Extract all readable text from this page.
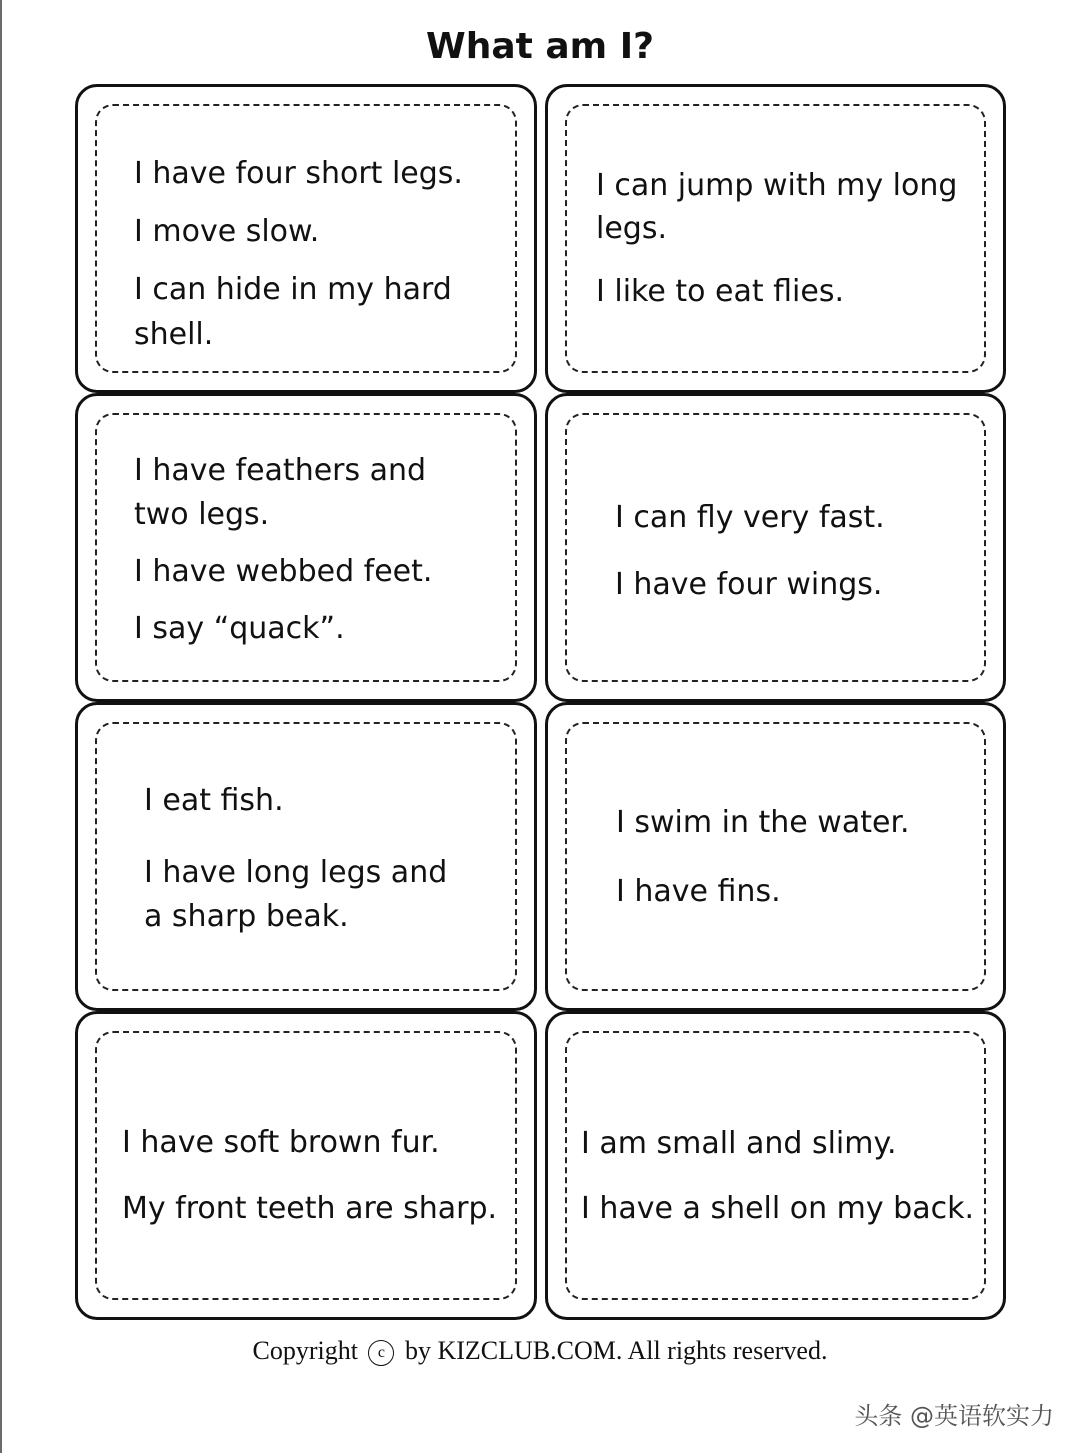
What am I?
I have four short legs.
I move slow.
I can hide in my hard
shell.
I can jump with my long
legs.
I like to eat flies.
I have feathers and
two legs.
I have webbed feet.
I say “quack”.
I can fly very fast.
I have four wings.
I eat fish.
I have long legs and
a sharp beak.
I swim in the water.
I have fins.
I have soft brown fur.
My front teeth are sharp.
I am small and slimy.
I have a shell on my back.
Copyright c by KIZCLUB.COM. All rights reserved.
头条 @英语软实力
